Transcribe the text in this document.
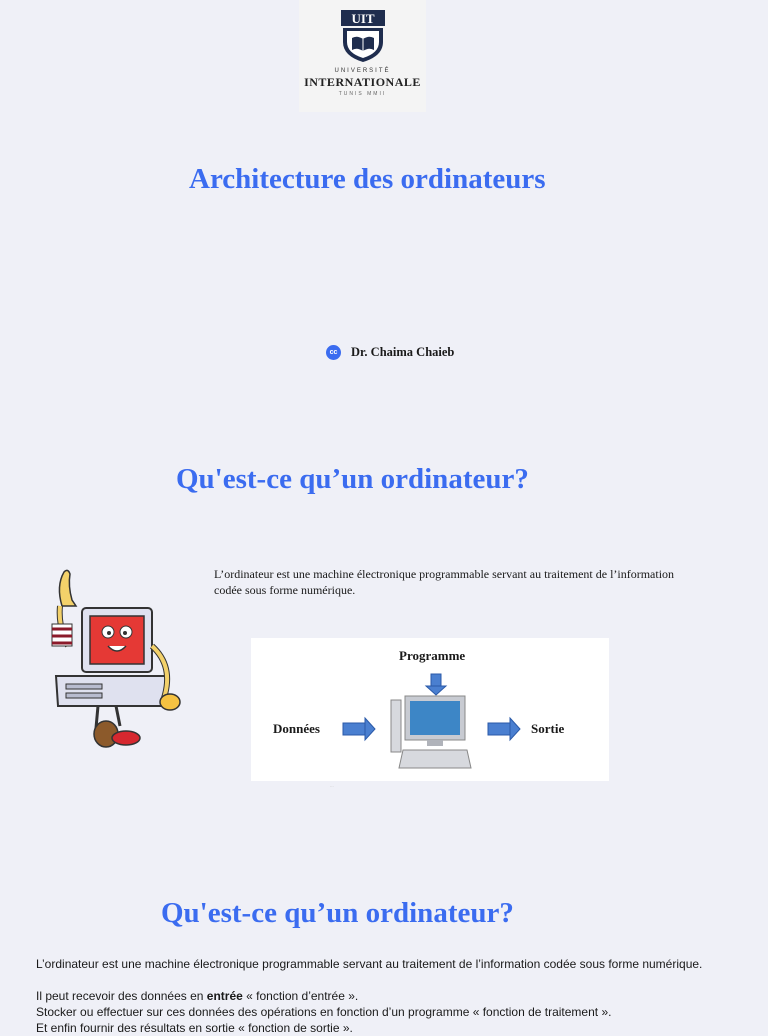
UIT
UNIVERSITÉ
INTERNATIONALE
TUNIS MMII
Architecture des ordinateurs
cc Dr. Chaima Chaieb
Qu'est-ce qu’un ordinateur?

L’ordinateur est une machine électronique programmable servant au traitement de l’information codée sous forme numérique.

Programme
Données	Sortie
...
Qu'est-ce qu’un ordinateur?

L’ordinateur est une machine électronique programmable servant au traitement de l’information codée sous forme numérique.

Il peut recevoir des données en entrée « fonction d’entrée ».

Stocker ou effectuer sur ces données des opérations en fonction d’un programme « fonction de traitement ».

Et enfin fournir des résultats en sortie « fonction de sortie ».
